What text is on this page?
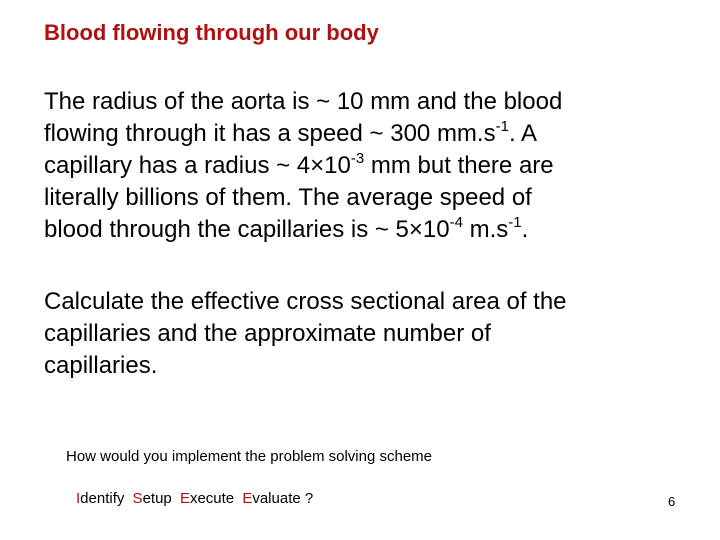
Blood flowing through our body
The radius of the aorta is ~ 10 mm and the blood
flowing through it has a speed ~ 300 $mm.s^{-1}$. A
capillary has a radius ~ $4\times 10^{-3}$ mm but there are
literally billions of them. The average speed of
blood through the capillaries is ~ $5\times 10^{-4}$ $m.s^{-1}$.
Calculate the effective cross sectional area of the
capillaries and the approximate number of
capillaries.

How would you implement the problem solving scheme

Identify Setup Execute Evaluate ?	6
